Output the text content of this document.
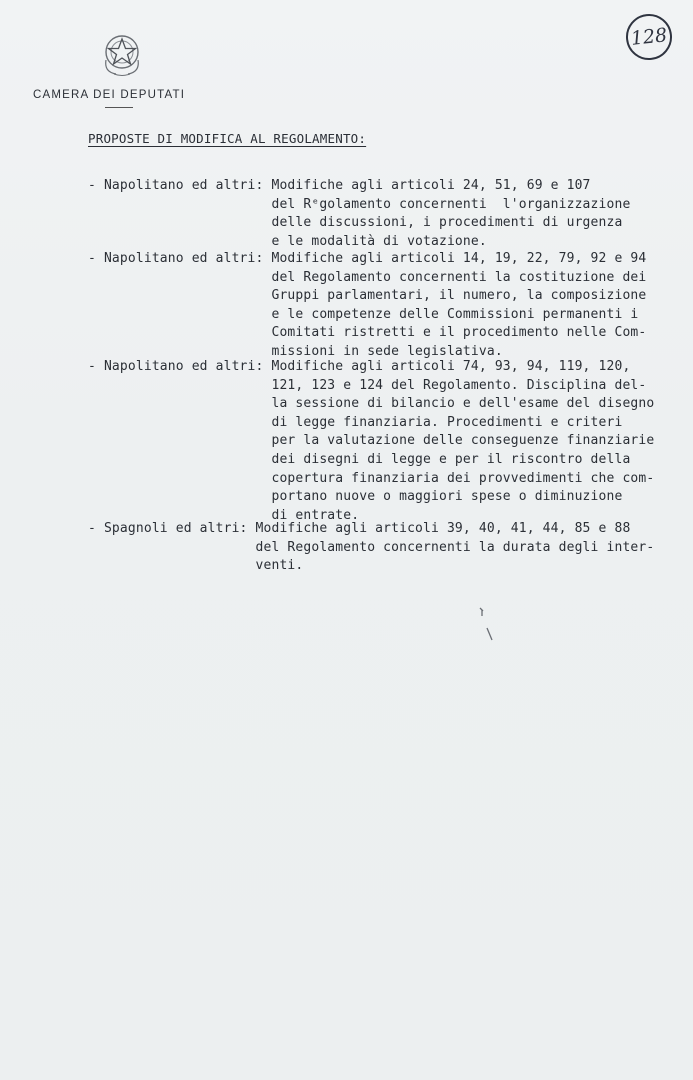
128
CAMERA DEI DEPUTATI
PROPOSTE DI MODIFICA AL REGOLAMENTO:
- Napolitano ed altri: Modifiche agli articoli 24, 51, 69 e 107
del Rᵉgolamento concernenti  l'organizzazione
delle discussioni, i procedimenti di urgenza
e le modalità di votazione.
- Napolitano ed altri: Modifiche agli articoli 14, 19, 22, 79, 92 e 94
del Regolamento concernenti la costituzione dei
Gruppi parlamentari, il numero, la composizione
e le competenze delle Commissioni permanenti i
Comitati ristretti e il procedimento nelle Com-
missioni in sede legislativa.
- Napolitano ed altri: Modifiche agli articoli 74, 93, 94, 119, 120,
121, 123 e 124 del Regolamento. Disciplina del-
la sessione di bilancio e dell'esame del disegno
di legge finanziaria. Procedimenti e criteri
per la valutazione delle conseguenze finanziarie
dei disegni di legge e per il riscontro della
copertura finanziaria dei provvedimenti che com-
portano nuove o maggiori spese o diminuzione
di entrate.
- Spagnoli ed altri: Modifiche agli articoli 39, 40, 41, 44, 85 e 88
del Regolamento concernenti la durata degli inter-
venti.
